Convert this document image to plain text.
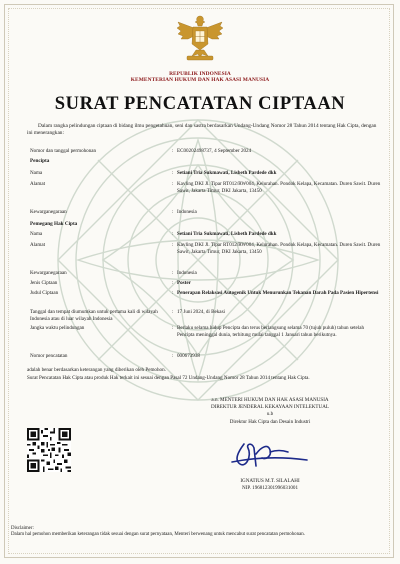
REPUBLIK INDONESIA
KEMENTERIAN HUKUM DAN HAK ASASI MANUSIA
SURAT PENCATATAN CIPTAAN
Dalam rangka pelindungan ciptaan di bidang ilmu pengetahuan, seni dan sastra berdasarkan Undang-Undang Nomor 28 Tahun 2014 tentang Hak Cipta, dengan ini menerangkan:
Nomor dan tanggal permohonan	: EC00202498737, 4 September 2024
Pencipta
Nama	: Setiani Tria Sukmawati, Lisbeth Pardede dkk
Alamat	: Kavling DKI Jl. Tipar RT012/RW004, Kelurahan. Pondok Kelapa, Kecamatan. Duren Sawit. Duren Sawit, Jakarta Timur, DKI Jakarta, 13450
Kewarganegaraan	: Indonesia
Pemegang Hak Cipta
Nama	: Setiani Tria Sukmawati, Lisbeth Pardede dkk
Alamat	: Kavling DKI Jl. Tipar RT012/RW004, Kelurahan. Pondok Kelapa, Kecamatan. Duren Sawit. Duren Sawit, Jakarta Timur, DKI Jakarta, 13450
Kewarganegaraan	: Indonesia
Jenis Ciptaan	: Poster
Judul Ciptaan	: Penerapan Relaksasi Autogenik Untuk Menurunkan Tekanan Darah Pada Pasien Hipertensi
Tanggal dan tempat diumumkan untuk pertama kali di wilayah Indonesia atau di luar wilayah Indonesia
: 17 Juni 2024, di Bekasi
Jangka waktu pelindungan	: Berlaku selama hidup Pencipta dan terus berlangsung selama 70 (tujuh puluh) tahun setelah Pencipta meninggal dunia, terhitung mulai tanggal 1 Januari tahun berikutnya.
Nomor pencatatan	: 000673938
adalah benar berdasarkan keterangan yang diberikan oleh Pemohon.
Surat Pencatatan Hak Cipta atau produk Hak terkait ini sesuai dengan Pasal 72 Undang-Undang Nomor 28 Tahun 2014 tentang Hak Cipta.
a.n. MENTERI HUKUM DAN HAK ASASI MANUSIA
DIREKTUR JENDERAL KEKAYAAN INTELEKTUAL
u.b
Direktur Hak Cipta dan Desain Industri
IGNATIUS M.T. SILALAHI
NIP. 196812301996031001
Disclaimer:
Dalam hal pemohon memberikan keterangan tidak sesuai dengan surat pernyataan, Menteri berwenang untuk mencabut surat pencatatan permohonan.
